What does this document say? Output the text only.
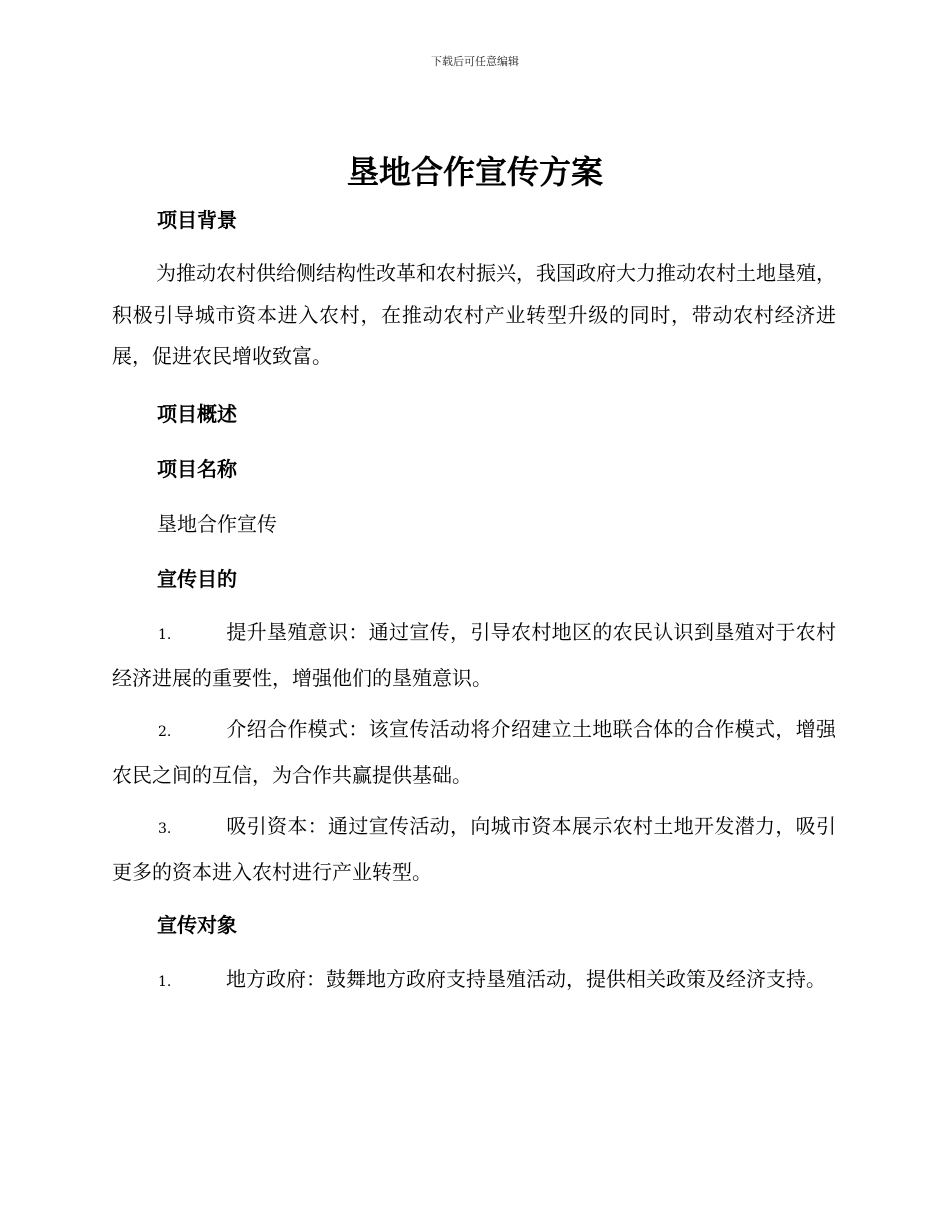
下载后可任意编辑
垦地合作宣传方案
项目背景

为推动农村供给侧结构性改革和农村振兴，我国政府大力推动农村土地垦殖，积极引导城市资本进入农村，在推动农村产业转型升级的同时，带动农村经济进展，促进农民增收致富。

项目概述
项目名称

垦地合作宣传

宣传目的

1.	提升垦殖意识：通过宣传，引导农村地区的农民认识到垦殖对于农村经济进展的重要性，增强他们的垦殖意识。

2.	介绍合作模式：该宣传活动将介绍建立土地联合体的合作模式，增强农民之间的互信，为合作共赢提供基础。

3.	吸引资本：通过宣传活动，向城市资本展示农村土地开发潜力，吸引更多的资本进入农村进行产业转型。

宣传对象

1.	地方政府：鼓舞地方政府支持垦殖活动，提供相关政策及经济支持。
